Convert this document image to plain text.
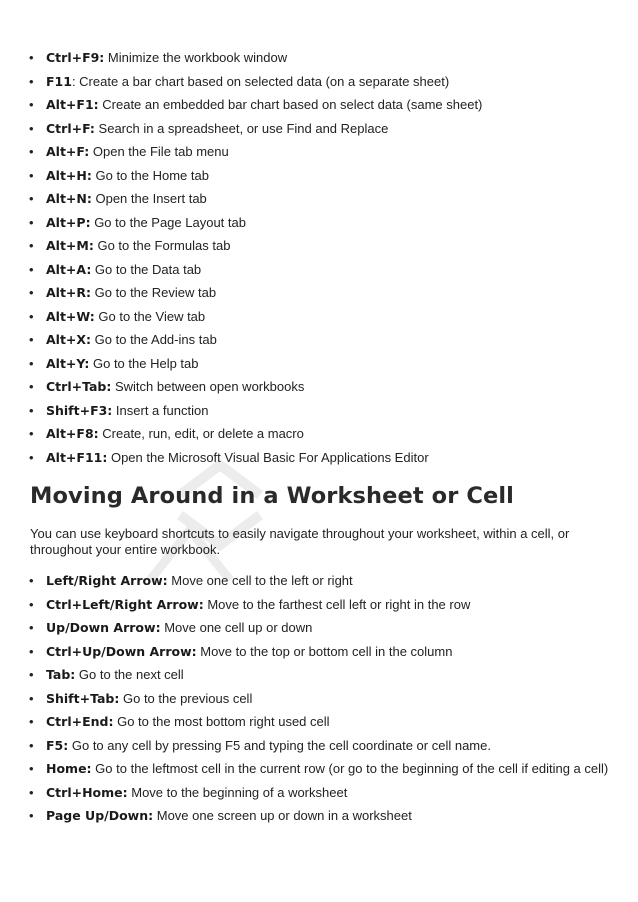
• Ctrl+F9: Minimize the workbook window
• F11: Create a bar chart based on selected data (on a separate sheet)
• Alt+F1: Create an embedded bar chart based on select data (same sheet)
• Ctrl+F: Search in a spreadsheet, or use Find and Replace
• Alt+F: Open the File tab menu
• Alt+H: Go to the Home tab
• Alt+N: Open the Insert tab
• Alt+P: Go to the Page Layout tab
• Alt+M: Go to the Formulas tab
• Alt+A: Go to the Data tab
• Alt+R: Go to the Review tab
• Alt+W: Go to the View tab
• Alt+X: Go to the Add-ins tab
• Alt+Y: Go to the Help tab
• Ctrl+Tab: Switch between open workbooks
• Shift+F3: Insert a function
• Alt+F8: Create, run, edit, or delete a macro
• Alt+F11: Open the Microsoft Visual Basic For Applications Editor
Moving Around in a Worksheet or Cell

You can use keyboard shortcuts to easily navigate throughout your worksheet, within a cell, or throughout your entire workbook.

• Left/Right Arrow: Move one cell to the left or right
• Ctrl+Left/Right Arrow: Move to the farthest cell left or right in the row
• Up/Down Arrow: Move one cell up or down
• Ctrl+Up/Down Arrow: Move to the top or bottom cell in the column
• Tab: Go to the next cell
• Shift+Tab: Go to the previous cell
• Ctrl+End: Go to the most bottom right used cell
• F5: Go to any cell by pressing F5 and typing the cell coordinate or cell name.
• Home: Go to the leftmost cell in the current row (or go to the beginning of the cell if editing a cell)
• Ctrl+Home: Move to the beginning of a worksheet
• Page Up/Down: Move one screen up or down in a worksheet
